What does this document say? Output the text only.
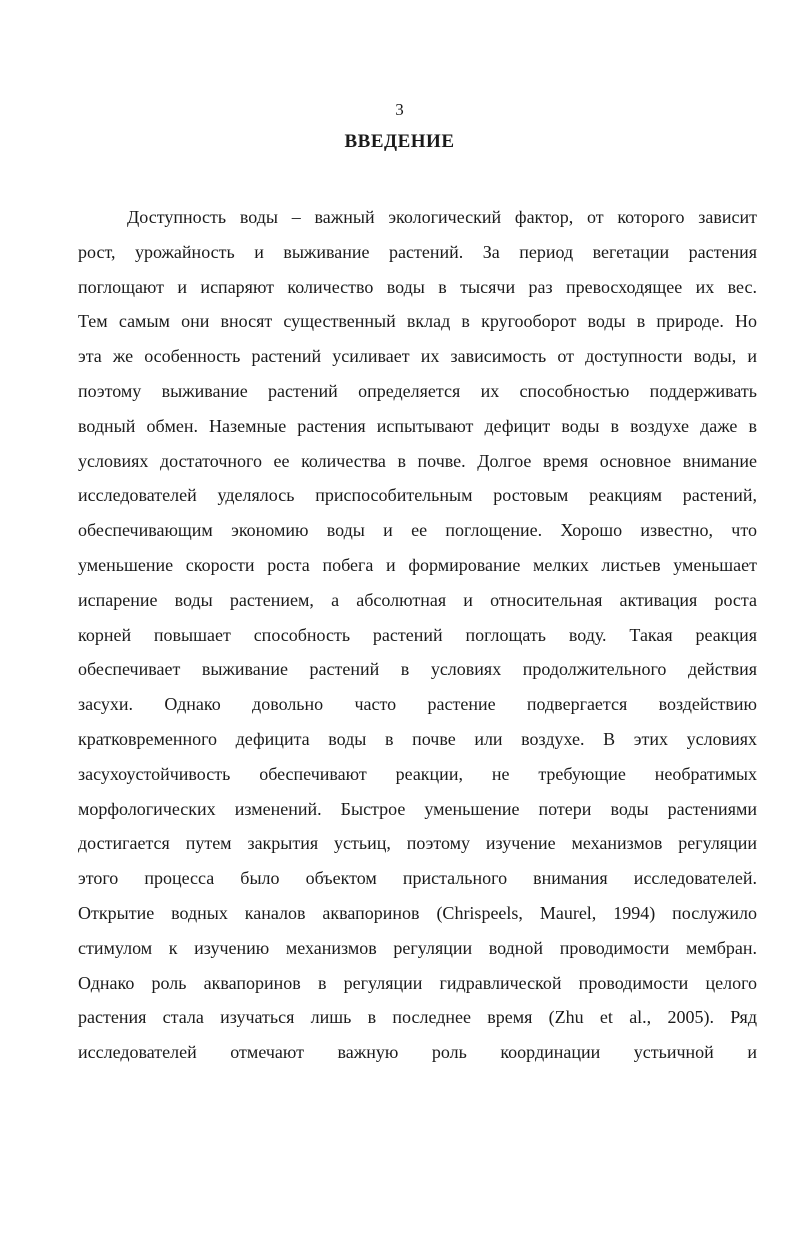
3
ВВЕДЕНИЕ
Доступность воды – важный экологический фактор, от которого зависит
рост, урожайность и выживание растений. За период вегетации растения
поглощают и испаряют количество воды в тысячи раз превосходящее их вес.
Тем самым они вносят существенный вклад в кругооборот воды в природе. Но
эта же особенность растений усиливает их зависимость от доступности воды, и
поэтому выживание растений определяется их способностью поддерживать
водный обмен. Наземные растения испытывают дефицит воды в воздухе даже в
условиях достаточного ее количества в почве. Долгое время основное внимание
исследователей уделялось приспособительным ростовым реакциям растений,
обеспечивающим экономию воды и ее поглощение. Хорошо известно, что
уменьшение скорости роста побега и формирование мелких листьев уменьшает
испарение воды растением, а абсолютная и относительная активация роста
корней повышает способность растений поглощать воду. Такая реакция
обеспечивает выживание растений в условиях продолжительного действия
засухи. Однако довольно часто растение подвергается воздействию
кратковременного дефицита воды в почве или воздухе. В этих условиях
засухоустойчивость обеспечивают реакции, не требующие необратимых
морфологических изменений. Быстрое уменьшение потери воды растениями
достигается путем закрытия устьиц, поэтому изучение механизмов регуляции
этого процесса было объектом пристального внимания исследователей.
Открытие водных каналов аквапоринов (Chrispeels, Maurel, 1994) послужило
стимулом к изучению механизмов регуляции водной проводимости мембран.
Однако роль аквапоринов в регуляции гидравлической проводимости целого
растения стала изучаться лишь в последнее время (Zhu et al., 2005). Ряд
исследователей отмечают важную роль координации устьичной и
